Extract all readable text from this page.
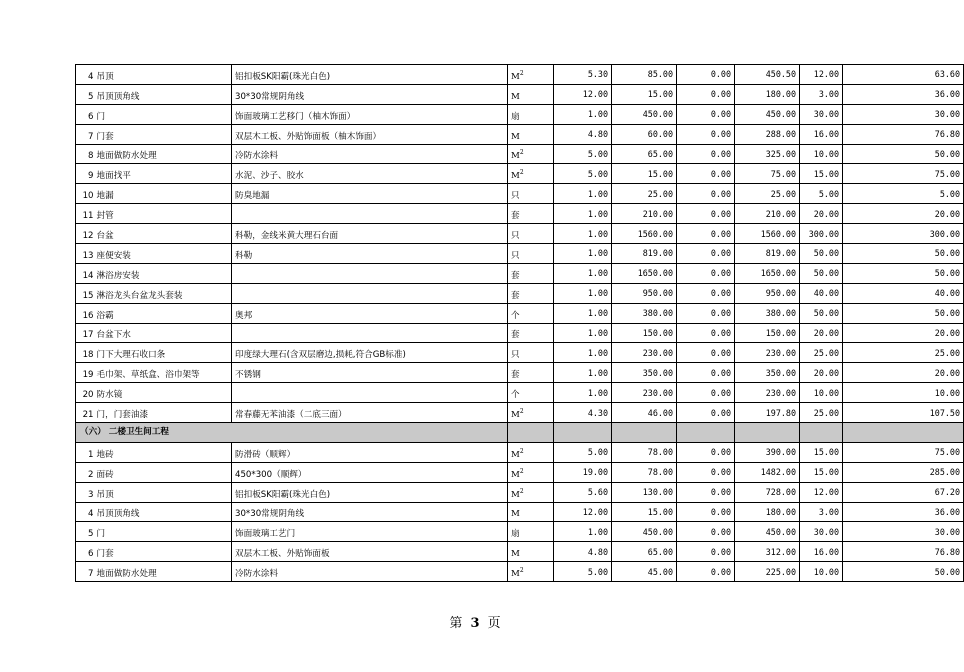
4	吊顶	铝扣板SK阳霸(珠光白色)	$M^2$	5.30	85.00	0.00	450.50	12.00	63.60
5	吊顶顶角线	30*30常规阴角线	M	12.00	15.00	0.00	180.00	3.00	36.00
6	门	饰面玻璃工艺移门（柚木饰面）	扇	1.00	450.00	0.00	450.00	30.00	30.00
7	门套	双层木工板、外贴饰面板（柚木饰面）	M	4.80	60.00	0.00	288.00	16.00	76.80
8	地面做防水处理	冷防水涂料	$M^2$	5.00	65.00	0.00	325.00	10.00	50.00
9	地面找平	水泥、沙子、胶水	$M^2$	5.00	15.00	0.00	75.00	15.00	75.00
10	地漏	防臭地漏	只	1.00	25.00	0.00	25.00	5.00	5.00
11	封管		套	1.00	210.00	0.00	210.00	20.00	20.00
12	台盆	科勒，金线米黄大理石台面	只	1.00	1560.00	0.00	1560.00	300.00	300.00
13	座便安装	科勒	只	1.00	819.00	0.00	819.00	50.00	50.00
14	淋浴房安装		套	1.00	1650.00	0.00	1650.00	50.00	50.00
15	淋浴龙头台盆龙头套装		套	1.00	950.00	0.00	950.00	40.00	40.00
16	浴霸	奥邦	个	1.00	380.00	0.00	380.00	50.00	50.00
17	台盆下水		套	1.00	150.00	0.00	150.00	20.00	20.00
18	门下大理石收口条	印度绿大理石(含双层磨边,损耗,符合GB标准)	只	1.00	230.00	0.00	230.00	25.00	25.00
19	毛巾架、草纸盒、浴巾架等	不锈钢	套	1.00	350.00	0.00	350.00	20.00	20.00
20	防水镜		个	1.00	230.00	0.00	230.00	10.00	10.00
21	门，门套油漆	常春藤无苯油漆（二底三面）	$M^2$	4.30	46.00	0.00	197.80	25.00	107.50
（六） 二楼卫生间工程									
1	地砖	防滑砖（顺辉）	$M^2$	5.00	78.00	0.00	390.00	15.00	75.00
2	面砖	450*300（顺辉）	$M^2$	19.00	78.00	0.00	1482.00	15.00	285.00
3	吊顶	铝扣板SK阳霸(珠光白色)	$M^2$	5.60	130.00	0.00	728.00	12.00	67.20
4	吊顶顶角线	30*30常规阴角线	M	12.00	15.00	0.00	180.00	3.00	36.00
5	门	饰面玻璃工艺门	扇	1.00	450.00	0.00	450.00	30.00	30.00
6	门套	双层木工板、外贴饰面板	M	4.80	65.00	0.00	312.00	16.00	76.80
7	地面做防水处理	冷防水涂料	$M^2$	5.00	45.00	0.00	225.00	10.00	50.00
第 3 页
